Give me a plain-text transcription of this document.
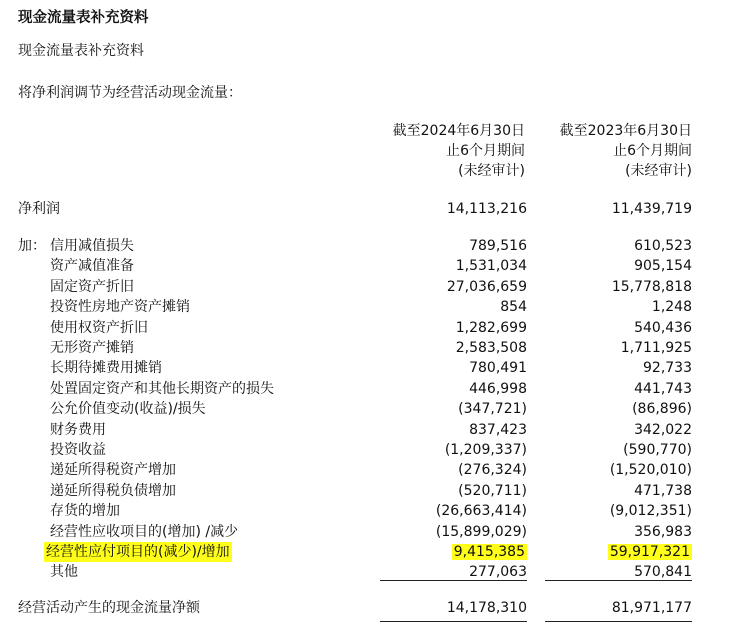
现金流量表补充资料
现金流量表补充资料
将净利润调节为经营活动现金流量：
截至2024年6月30日
止6个月期间
(未经审计)
截至2023年6月30日
止6个月期间
(未经审计)
净利润	14,113,216	11,439,719
加： 信用减值损失	789,516	610,523
资产减值准备	1,531,034	905,154
固定资产折旧	27,036,659	15,778,818
投资性房地产资产摊销	854	1,248
使用权资产折旧	1,282,699	540,436
无形资产摊销	2,583,508	1,711,925
长期待摊费用摊销	780,491	92,733
处置固定资产和其他长期资产的损失	446,998	441,743
公允价值变动(收益)/损失	(347,721)	(86,896)
财务费用	837,423	342,022
投资收益	(1,209,337)	(590,770)
递延所得税资产增加	(276,324)	(1,520,010)
递延所得税负债增加	(520,711)	471,738
存货的增加	(26,663,414)	(9,012,351)
经营性应收项目的(增加) /减少	(15,899,029)	356,983
经营性应付项目的(减少)/增加	9,415,385	59,917,321
其他	277,063	570,841
经营活动产生的现金流量净额	14,178,310	81,971,177
